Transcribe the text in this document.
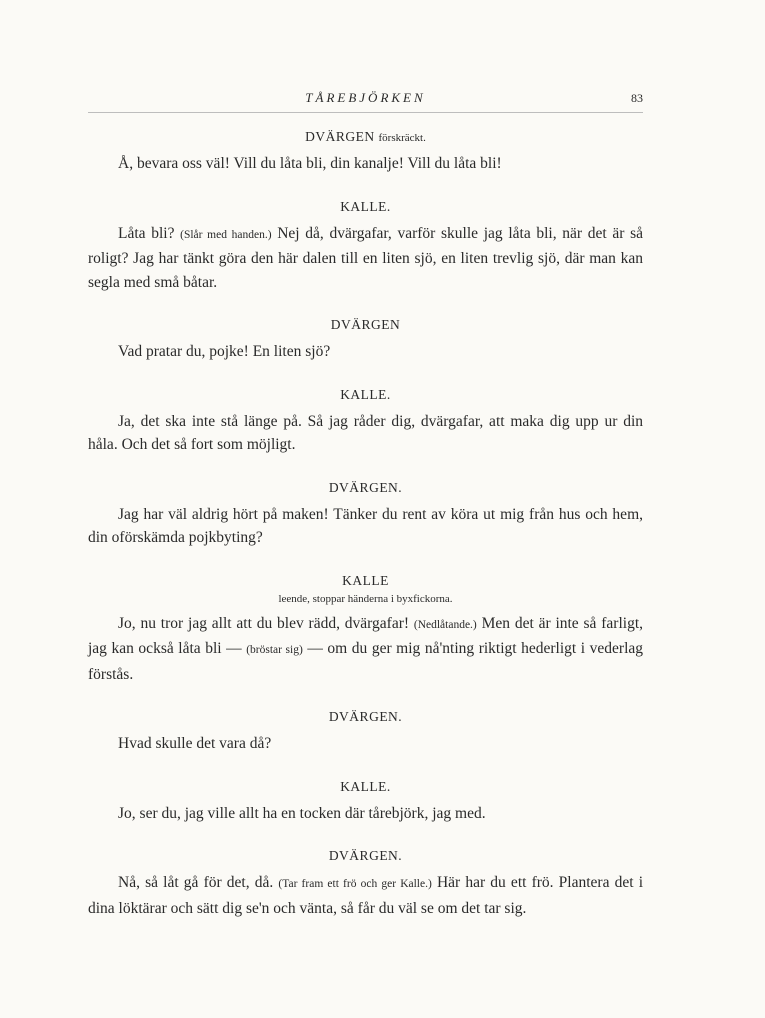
TÅREBJÖRKEN	83
DVÄRGEN förskräckt.

Å, bevara oss väl! Vill du låta bli, din kanalje! Vill du låta bli!

KALLE.

Låta bli? (Slår med handen.) Nej då, dvärgafar, varför skulle jag låta bli, när det är så roligt? Jag har tänkt göra den här dalen till en liten sjö, en liten trevlig sjö, där man kan segla med små båtar.

DVÄRGEN

Vad pratar du, pojke! En liten sjö?

KALLE.

Ja, det ska inte stå länge på. Så jag råder dig, dvärgafar, att maka dig upp ur din håla. Och det så fort som möjligt.

DVÄRGEN.

Jag har väl aldrig hört på maken! Tänker du rent av köra ut mig från hus och hem, din oförskämda pojkbyting?

KALLE
leende, stoppar händerna i byxfickorna.

Jo, nu tror jag allt att du blev rädd, dvärgafar! (Nedlåtande.) Men det är inte så farligt, jag kan också låta bli — (bröstar sig) — om du ger mig nå'nting riktigt hederligt i vederlag förstås.

DVÄRGEN.

Hvad skulle det vara då?

KALLE.

Jo, ser du, jag ville allt ha en tocken där tårebjörk, jag med.

DVÄRGEN.

Nå, så låt gå för det, då. (Tar fram ett frö och ger Kalle.) Här har du ett frö. Plantera det i dina löktärar och sätt dig se'n och vänta, så får du väl se om det tar sig.
